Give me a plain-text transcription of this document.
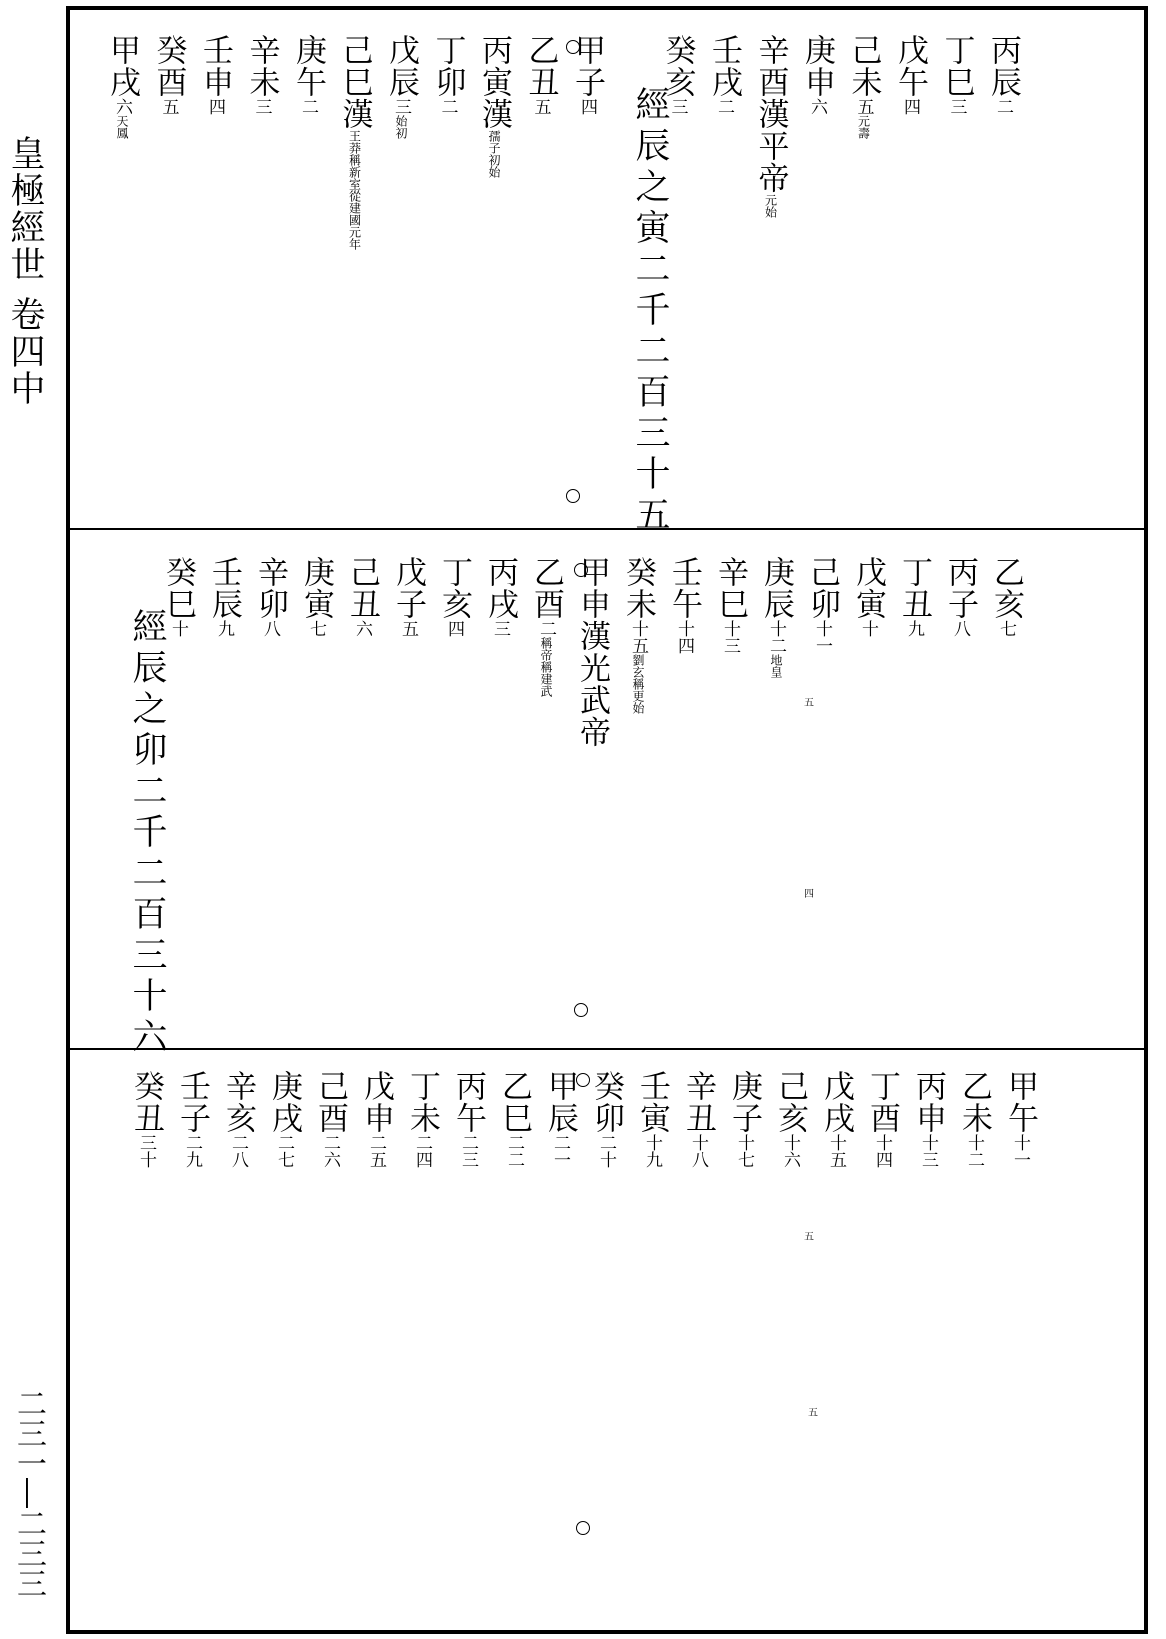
皇極經世 卷四中
二三一―二三三
經辰之寅二千二百三十五
丙辰二
丁巳三
戊午四
己未五元壽
庚申六
辛酉漢平帝元始
壬戌二
癸亥三
甲子四
乙丑五
丙寅漢孺子初始
丁卯二
戊辰三始初
己巳漢王莽稱新室從建國元年
庚午二
辛未三
壬申四
癸酉五
甲戌六天鳳
經辰之卯二千二百三十六
乙亥七
丙子八
丁丑九
戊寅十
己卯十一
庚辰十二地皇
辛巳十三
壬午十四
癸未十五劉玄稱更始
甲申漢光武帝
乙酉二稱帝稱建武
丙戌三
丁亥四
戊子五
己丑六
庚寅七
辛卯八
壬辰九
癸巳十
五
四
甲午十一
乙未十二
丙申十三
丁酉十四
戊戌十五
己亥十六
庚子十七
辛丑十八
壬寅十九
癸卯二十
甲辰二一
乙巳二二
丙午二三
丁未二四
戊申二五
己酉二六
庚戌二七
辛亥二八
壬子二九
癸丑三十
五
五
